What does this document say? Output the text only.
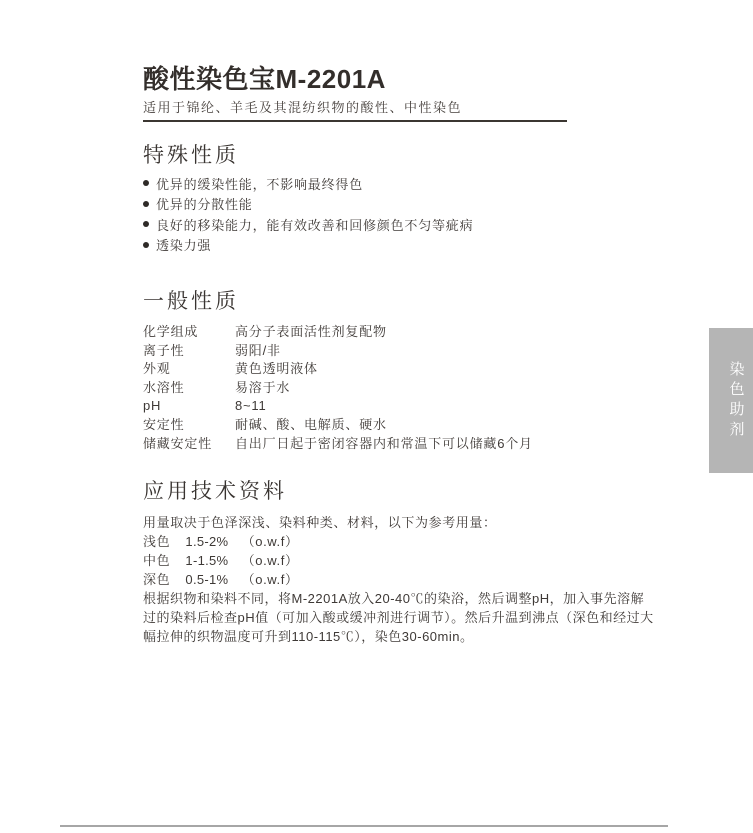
酸性染色宝M-2201A

适用于锦纶、羊毛及其混纺织物的酸性、中性染色

特殊性质
优异的缓染性能，不影响最终得色
优异的分散性能
良好的移染能力，能有效改善和回修颜色不匀等疵病
透染力强
一般性质
化学组成	高分子表面活性剂复配物
离子性	弱阳/非
外观	黄色透明液体
水溶性	易溶于水
pH	8~11
安定性	耐碱、酸、电解质、硬水
储藏安定性	自出厂日起于密闭容器内和常温下可以储藏6个月
应用技术资料

用量取决于色泽深浅、染料种类、材料，以下为参考用量：

浅色 1.5-2% （o.w.f）
中色 1-1.5% （o.w.f）
深色 0.5-1% （o.w.f）

根据织物和染料不同，将M-2201A放入20-40℃的染浴，然后调整pH，加入事先溶解过的染料后检查pH值（可加入酸或缓冲剂进行调节）。然后升温到沸点（深色和经过大幅拉伸的织物温度可升到110-115℃），染色30-60min。

染色助剂
